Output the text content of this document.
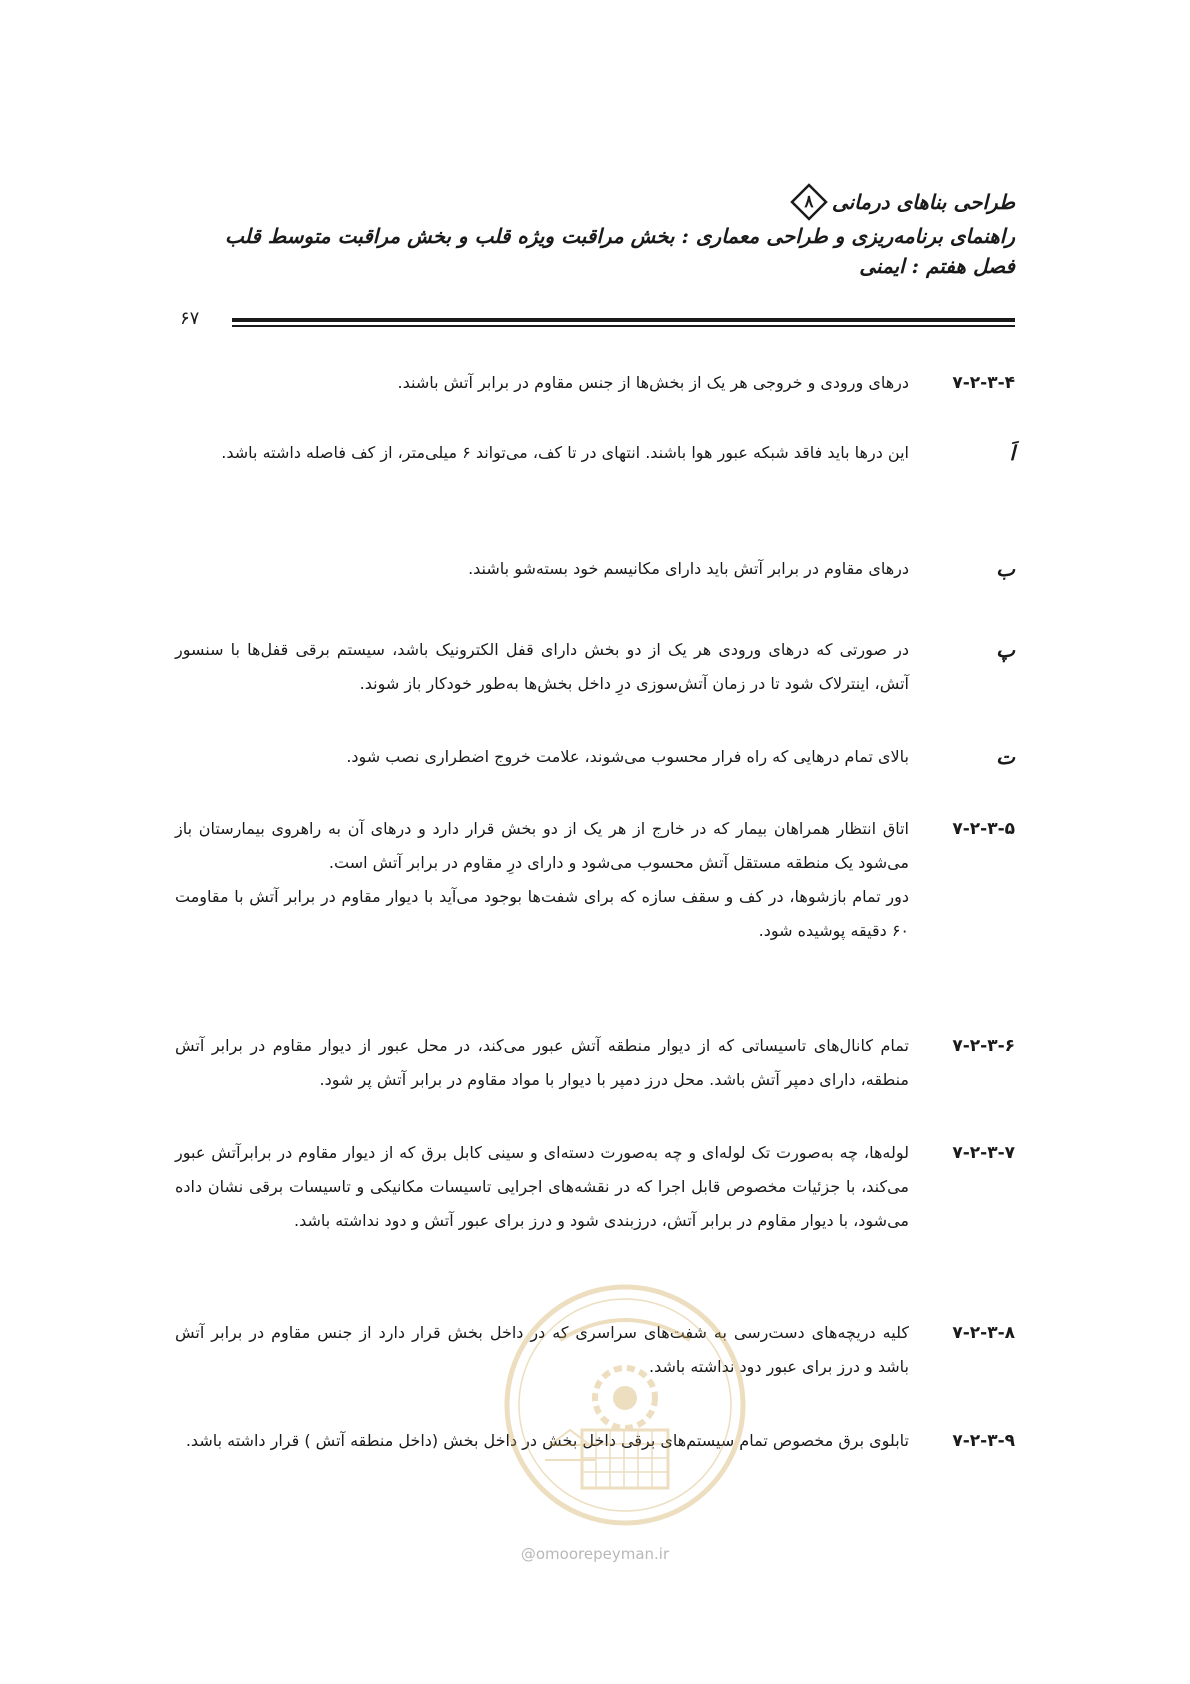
طراحی بناهای درمانی
۸
راهنمای برنامه‌ریزی و طراحی معماری : بخش مراقبت ویژه قلب و بخش مراقبت متوسط قلب
فصل هفتم : ایمنی
۶۷
۷-۲-۳-۴
درهای ورودی و خروجی هر یک از بخش‌ها از جنس مقاوم در برابر آتش باشند.
اَ
این درها باید فاقد شبکه عبور هوا باشند. انتهای در تا کف، می‌تواند ۶ میلی‌متر، از کف فاصله داشته باشد.
ب
درهای مقاوم در برابر آتش باید دارای مکانیسم خود بسته‌شو باشند.
پ
در صورتی که درهای ورودی هر یک از دو بخش دارای قفل الکترونیک باشد، سیستم برقی قفل‌ها با سنسور آتش، اینترلاک شود تا در زمان آتش‌سوزی درِ داخل بخش‌ها به‌طور خودکار باز شوند.
ت
بالای تمام درهایی که راه فرار محسوب می‌شوند، علامت خروج اضطراری نصب شود.
۷-۲-۳-۵
اتاق انتظار همراهان بیمار که در خارج از هر یک از دو بخش قرار دارد و درهای آن به راهروی بیمارستان باز می‌شود یک منطقه مستقل آتش محسوب می‌شود و دارای درِ مقاوم در برابر آتش است.
دور تمام بازشوها، در کف و سقف سازه که برای شفت‌ها بوجود می‌آید با دیوار مقاوم در برابر آتش با مقاومت ۶۰ دقیقه پوشیده شود.
۷-۲-۳-۶
تمام کانال‌های تاسیساتی که از دیوار منطقه آتش عبور می‌کند، در محل عبور از دیوار مقاوم در برابر آتش منطقه، دارای دمپر آتش باشد. محل درز دمپر با دیوار با مواد مقاوم در برابر آتش پر شود.
۷-۲-۳-۷
لوله‌ها، چه به‌صورت تک لوله‌ای و چه به‌صورت دسته‌ای و سینی کابل برق که از دیوار مقاوم در برابرآتش عبور می‌کند، با جزئیات مخصوص قابل اجرا که در نقشه‌های اجرایی تاسیسات مکانیکی و تاسیسات برقی نشان داده می‌شود، با دیوار مقاوم در برابر آتش، درزبندی شود و درز برای عبور آتش و دود نداشته باشد.
۷-۲-۳-۸
کلیه دریچه‌های دست‌رسی به شفت‌های سراسری که در داخل بخش قرار دارد از جنس مقاوم در برابر آتش باشد و درز برای عبور دود نداشته باشد.
۷-۲-۳-۹
تابلوی برق مخصوص تمام سیستم‌های برقی داخل بخش در داخل بخش (داخل منطقه آتش ) قرار داشته باشد.
@omoorepeyman.ir
